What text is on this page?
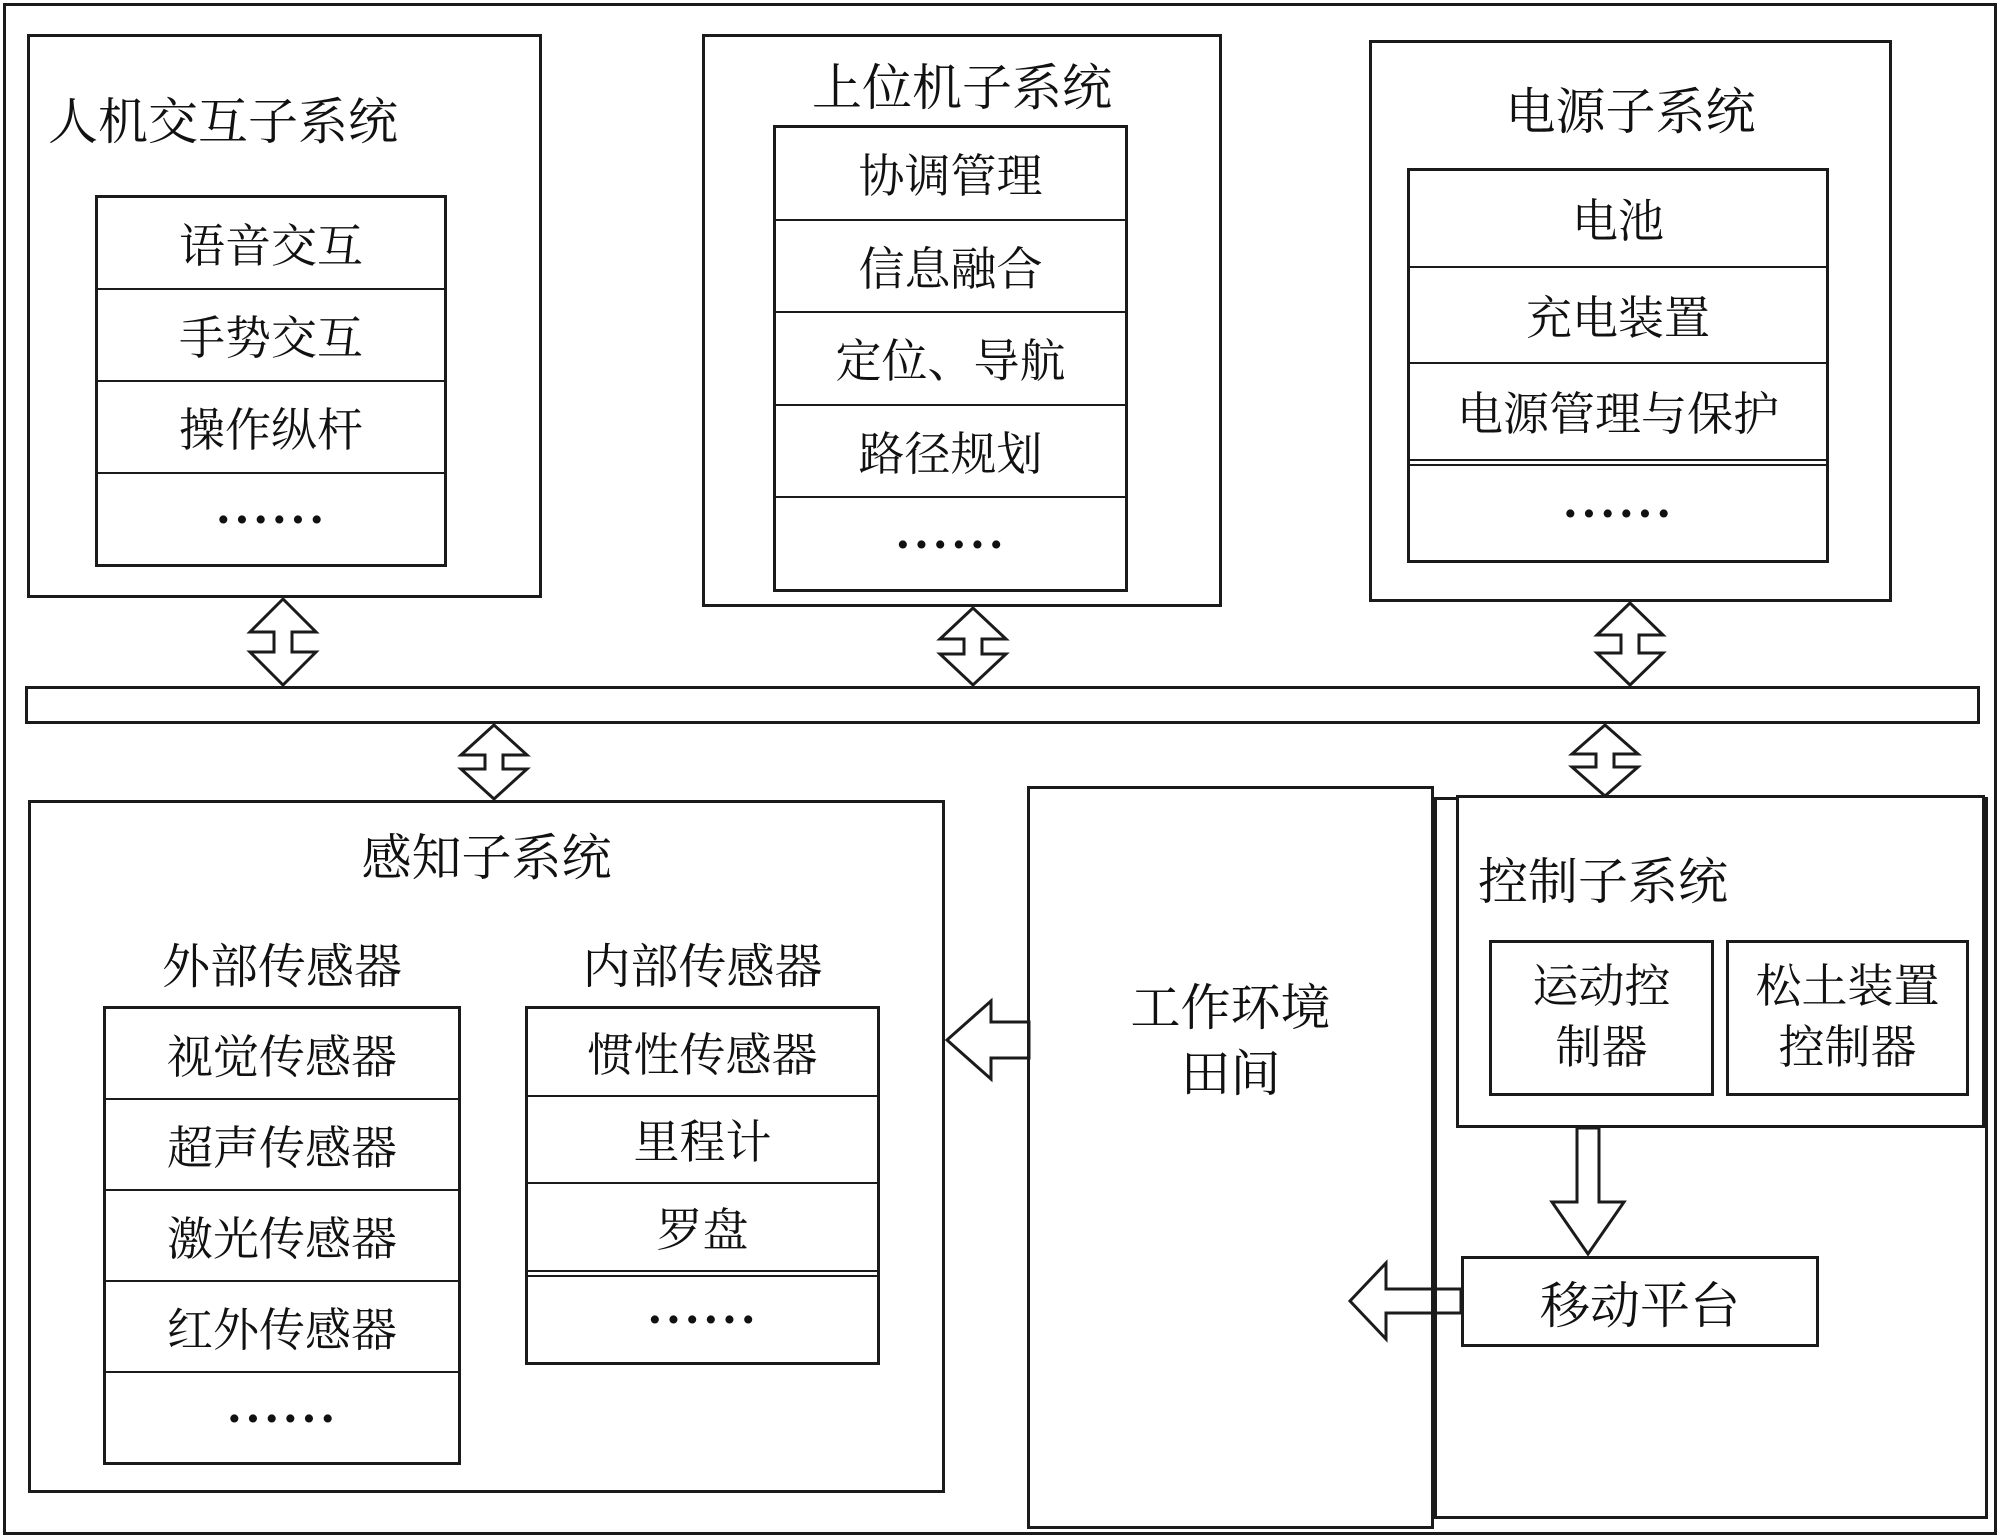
人机交互子系统
语音交互
手势交互
操作纵杆
······
上位机子系统
协调管理
信息融合
定位、导航
路径规划
······
电源子系统
电池
充电装置
电源管理与保护
······
感知子系统
外部传感器	内部传感器
视觉传感器
超声传感器
激光传感器
红外传感器
······
惯性传感器
里程计
罗盘
······
工作环境
田间
控制子系统
运动控
制器
松土装置
控制器
移动平台
